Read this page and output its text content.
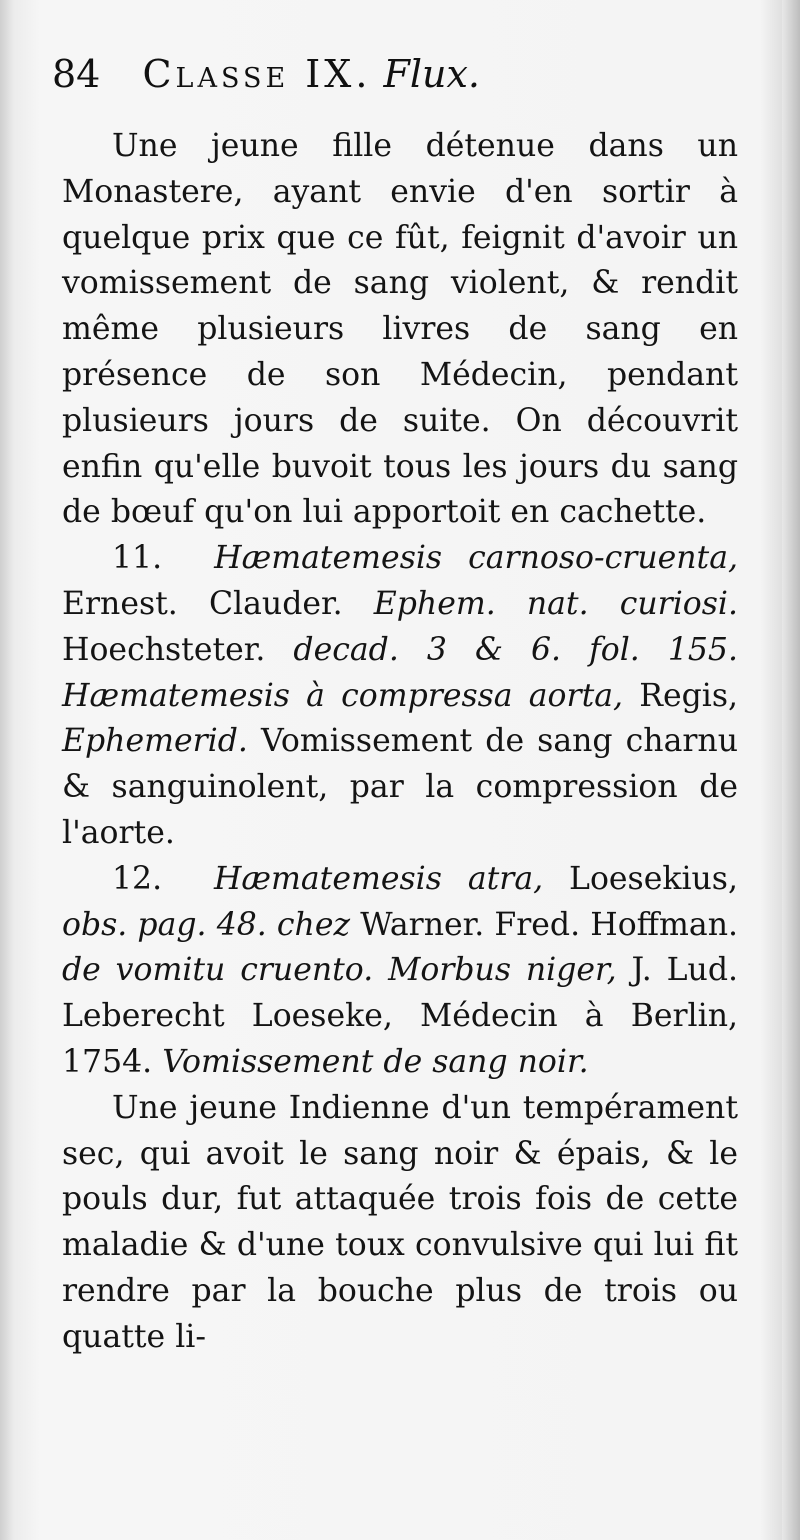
84 Classe IX. Flux.

Une jeune fille détenue dans un Monastere, ayant envie d'en sortir à quelque prix que ce fût, feignit d'avoir un vomissement de sang violent, & rendit même plusieurs livres de sang en présence de son Médecin, pendant plusieurs jours de suite. On découvrit enfin qu'elle buvoit tous les jours du sang de bœuf qu'on lui apportoit en cachette.

11. Hæmatemesis carnoso-cruenta, Ernest. Clauder. Ephem. nat. curiosi. Hoechsteter. decad. 3 & 6. fol. 155. Hæmatemesis à compressa aorta, Regis, Ephemerid. Vomissement de sang charnu & sanguinolent, par la compression de l'aorte.

12. Hæmatemesis atra, Loesekius, obs. pag. 48. chez Warner. Fred. Hoffman. de vomitu cruento. Morbus niger, J. Lud. Leberecht Loeseke, Médecin à Berlin, 1754. Vomissement de sang noir.

Une jeune Indienne d'un tempérament sec, qui avoit le sang noir & épais, & le pouls dur, fut attaquée trois fois de cette maladie & d'une toux convulsive qui lui fit rendre par la bouche plus de trois ou quatte li-
